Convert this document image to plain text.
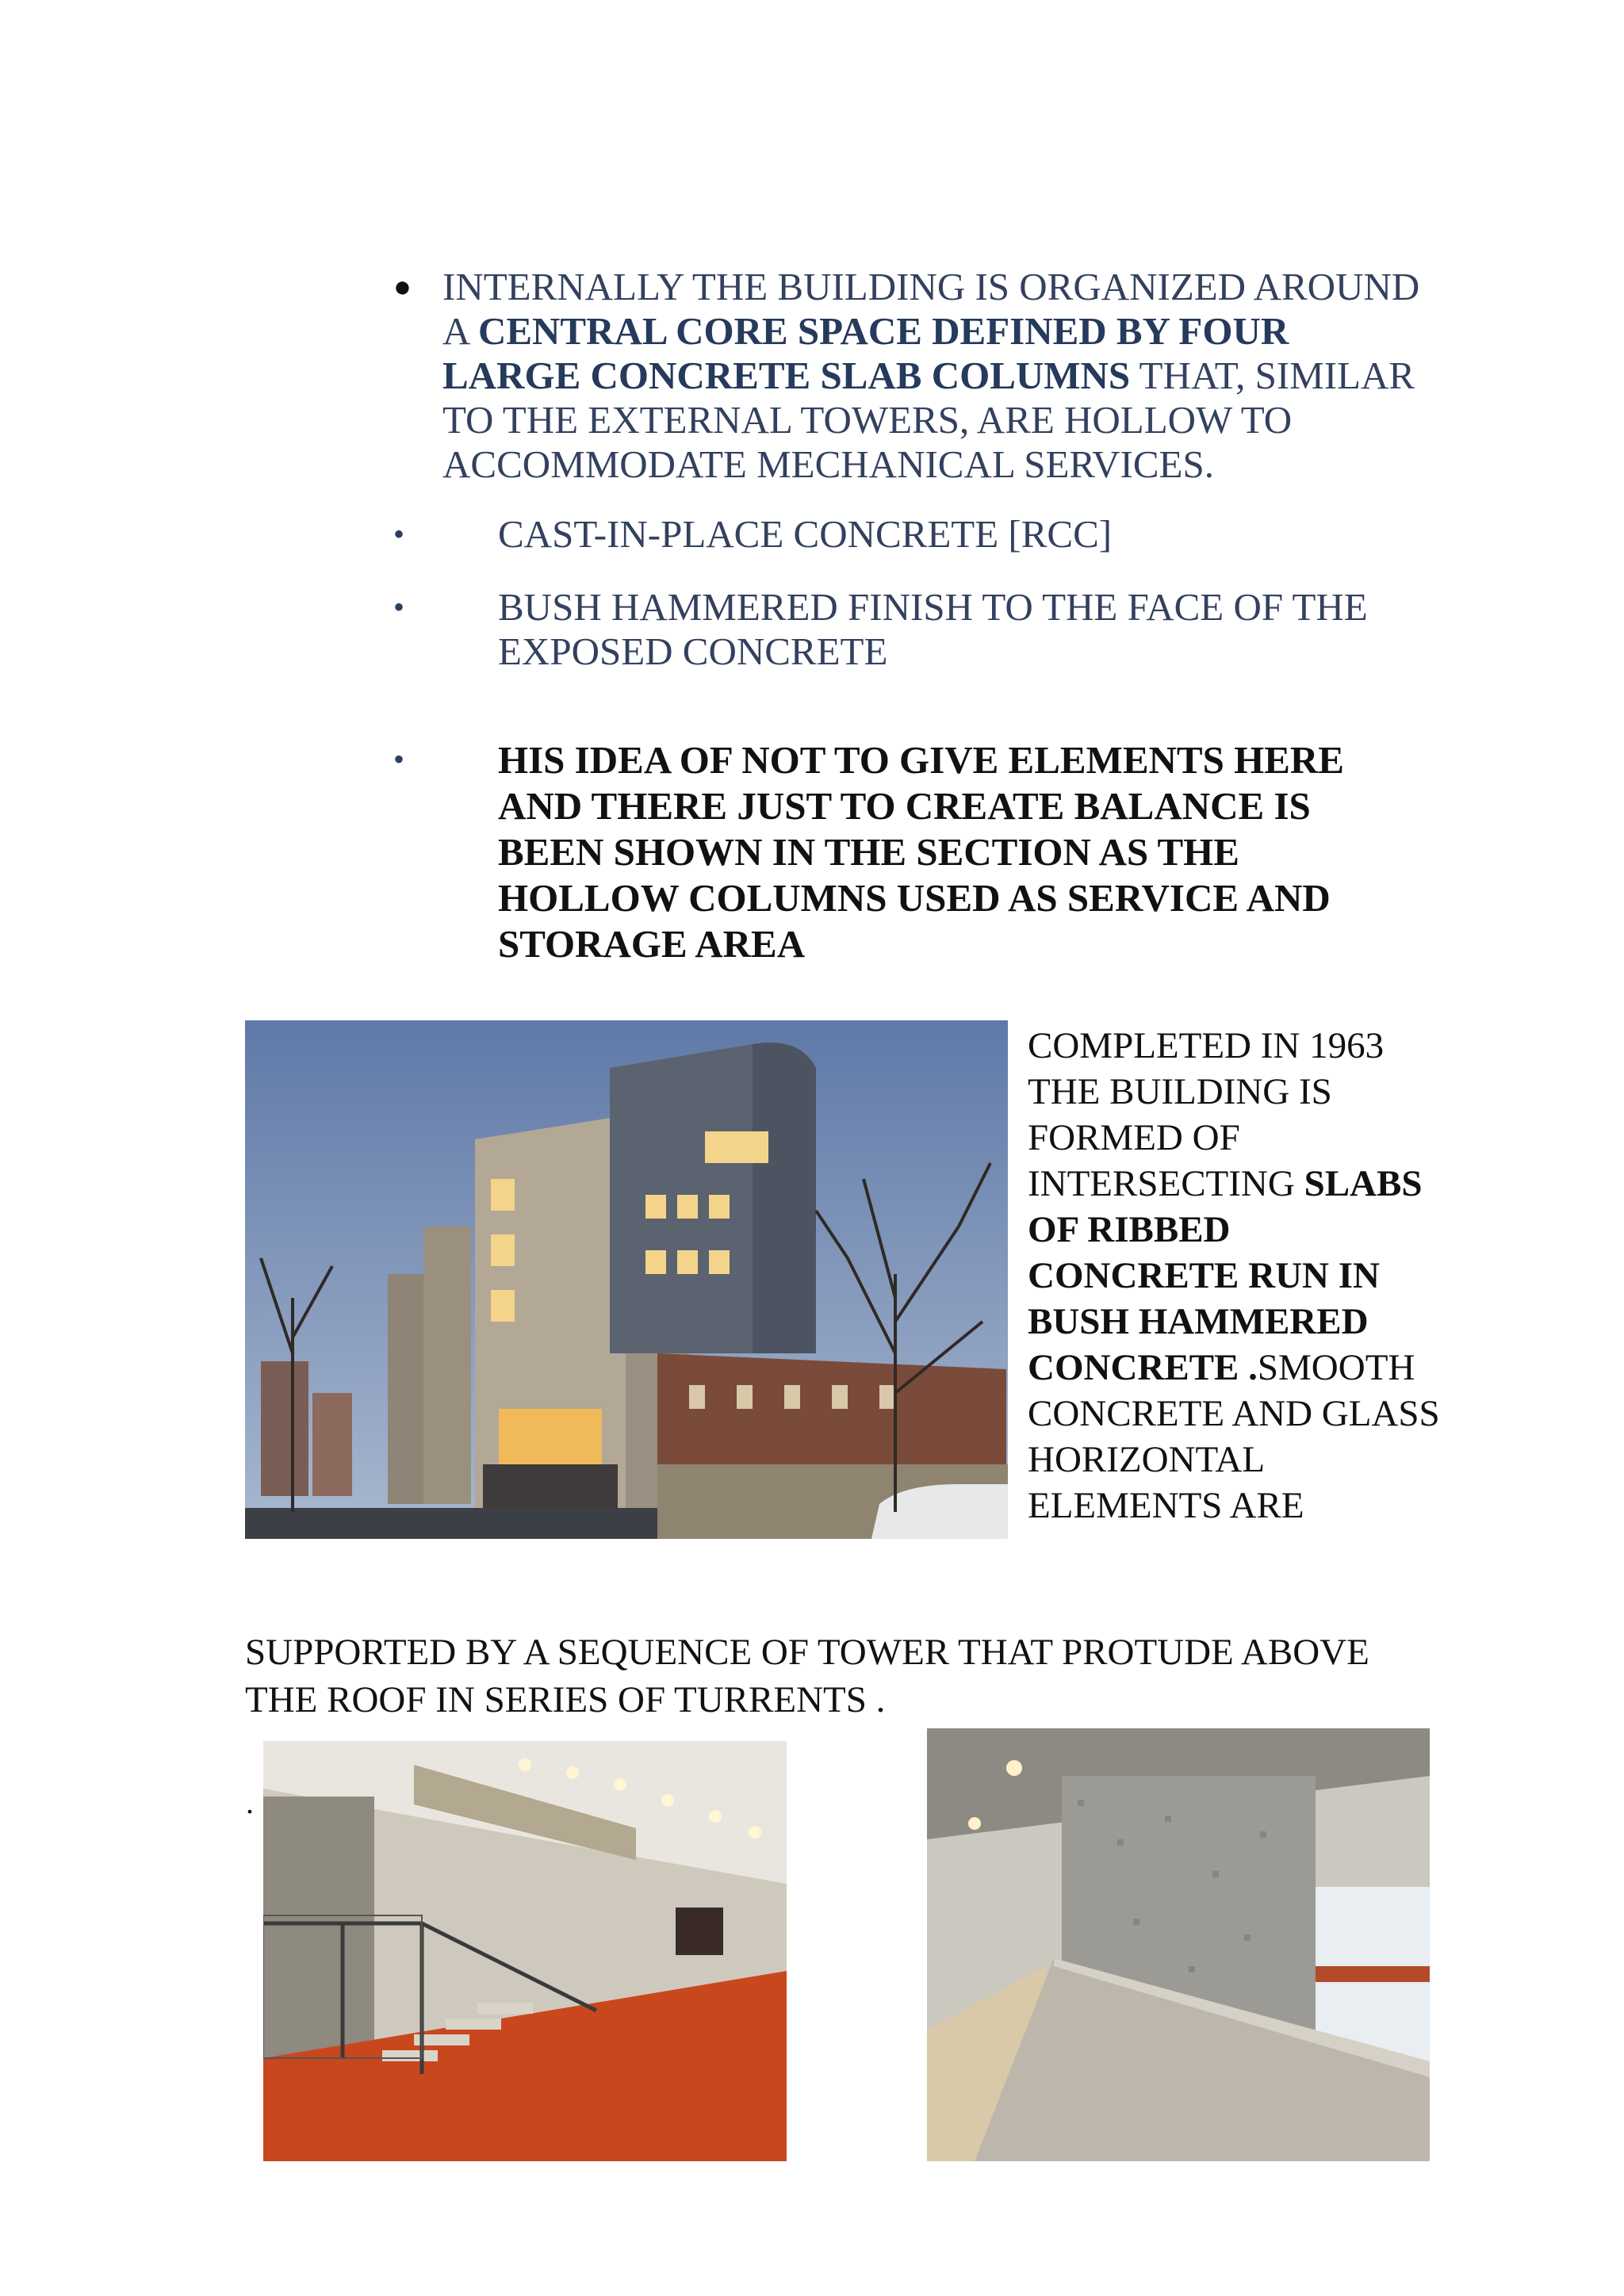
● INTERNALLY THE BUILDING IS ORGANIZED AROUND A CENTRAL CORE SPACE DEFINED BY FOUR LARGE CONCRETE SLAB COLUMNS THAT, SIMILAR TO THE EXTERNAL TOWERS, ARE HOLLOW TO ACCOMMODATE MECHANICAL SERVICES.

• CAST-IN-PLACE CONCRETE [RCC]

• BUSH HAMMERED FINISH TO THE FACE OF THE EXPOSED CONCRETE

• HIS IDEA OF NOT TO GIVE ELEMENTS HERE AND THERE JUST TO CREATE BALANCE IS BEEN SHOWN IN THE SECTION AS THE HOLLOW COLUMNS USED AS SERVICE AND STORAGE AREA

COMPLETED IN 1963 THE BUILDING IS FORMED OF INTERSECTING SLABS OF RIBBED CONCRETE RUN IN BUSH HAMMERED CONCRETE .SMOOTH CONCRETE AND GLASS HORIZONTAL ELEMENTS ARE
SUPPORTED BY A SEQUENCE OF TOWER THAT PROTUDE ABOVE THE ROOF IN SERIES OF TURRENTS .
.
